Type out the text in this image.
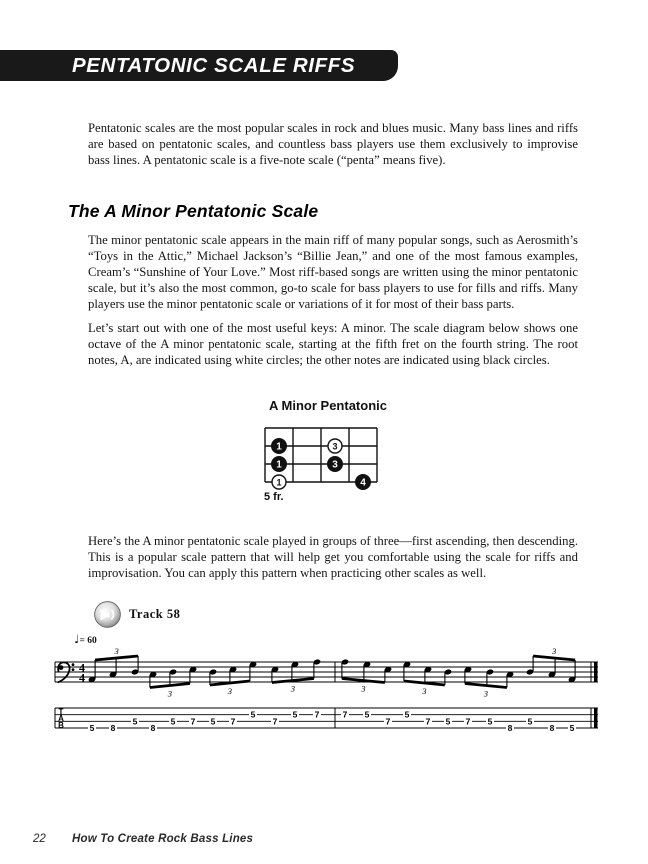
PENTATONIC SCALE RIFFS

Pentatonic scales are the most popular scales in rock and blues music. Many bass lines and riffs are based on pentatonic scales, and countless bass players use them exclusively to improvise bass lines. A pentatonic scale is a five-note scale (“penta” means five).

The A Minor Pentatonic Scale

The minor pentatonic scale appears in the main riff of many popular songs, such as Aerosmith’s “Toys in the Attic,” Michael Jackson’s “Billie Jean,” and one of the most famous examples, Cream’s “Sunshine of Your Love.” Most riff-based songs are written using the minor pentatonic scale, but it’s also the most common, go-to scale for bass players to use for fills and riffs. Many players use the minor pentatonic scale or variations of it for most of their bass parts.

Let’s start out with one of the most useful keys: A minor. The scale diagram below shows one octave of the A minor pentatonic scale, starting at the fifth fret on the fourth string. The root notes, A, are indicated using white circles; the other notes are indicated using black circles.

A Minor Pentatonic
1	3
1	3
1	4
5 fr.

Here’s the A minor pentatonic scale played in groups of three—first ascending, then descending. This is a popular scale pattern that will help get you comfortable using the scale for riffs and improvisation. You can apply this pattern when practicing other scales as well.

Track 58
♩= 60
4
4
T
A
B	5 8
5
3
8
5 7
3
5 7
5
3
7
5 7
3
7 5
7
3
5
7 5
3
7 5
8
3
5
8 5
3
22 How To Create Rock Bass Lines
